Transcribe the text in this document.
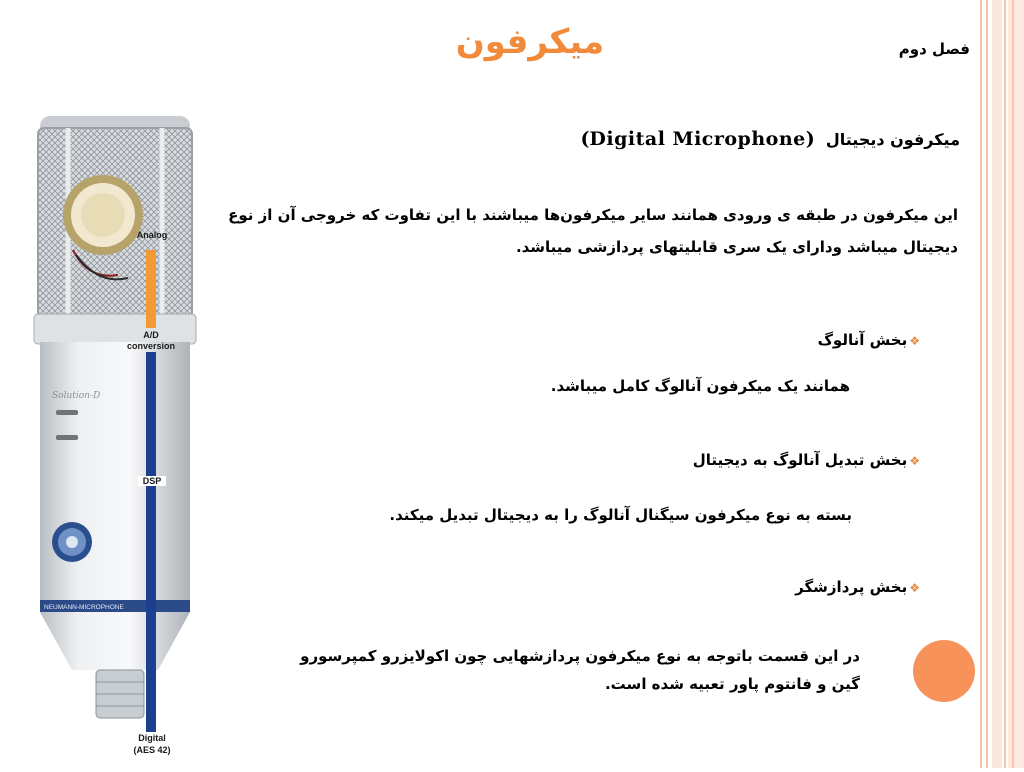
میکرفون	فصل دوم
میکرفون دیجیتال  (Digital Microphone)
این میکرفون در طبقه ی ورودی همانند سایر میکرفون‌ها میباشند با این تفاوت که خروجی آن از نوع دیجیتال میباشد ودارای یک سری قابلیتهای پردازشی میباشد.
❖بخش آنالوگ
همانند یک میکرفون آنالوگ کامل میباشد.
❖بخش تبدیل آنالوگ به دیجیتال
بسته به نوع میکرفون سیگنال آنالوگ را به دیجیتال تبدیل میکند.
❖بخش پردازشگر
در این قسمت باتوجه به نوع میکرفون پردازشهایی چون اکولایزرو کمپرسورو گین و فانتوم پاور تعبیه شده است.
Solution-D
NEUMANN-MICROPHONE
Analog
A/D
conversion
DSP
Digital
(AES 42)
